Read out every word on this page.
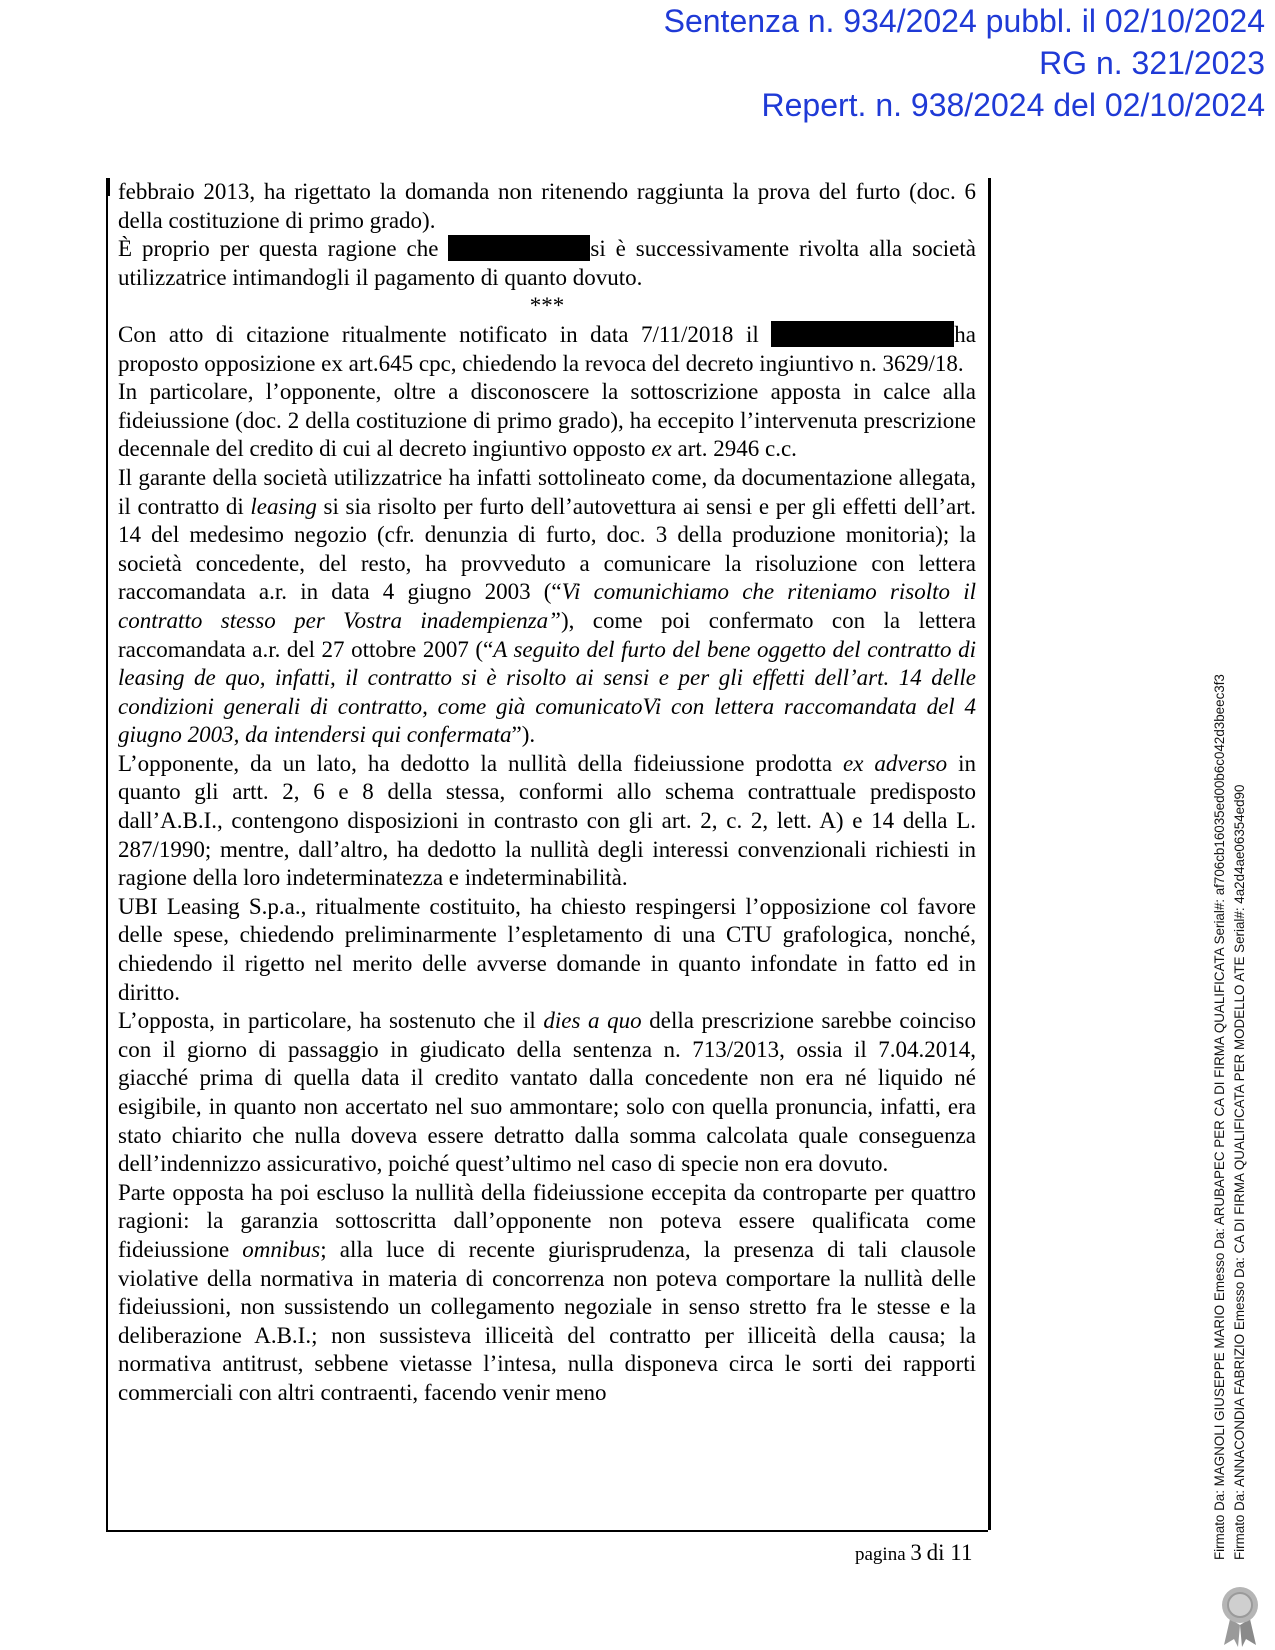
Sentenza n. 934/2024 pubbl. il 02/10/2024
RG n. 321/2023
Repert. n. 938/2024 del 02/10/2024

febbraio 2013, ha rigettato la domanda non ritenendo raggiunta la prova del furto (doc. 6 della costituzione di primo grado).

È proprio per questa ragione che	si è successivamente rivolta alla società utilizzatrice intimandogli il pagamento di quanto dovuto.

***

Con atto di citazione ritualmente notificato in data 7/11/2018 il	ha proposto opposizione ex art.645 cpc, chiedendo la revoca del decreto ingiuntivo n. 3629/18.

In particolare, l’opponente, oltre a disconoscere la sottoscrizione apposta in calce alla fideiussione (doc. 2 della costituzione di primo grado), ha eccepito l’intervenuta prescrizione decennale del credito di cui al decreto ingiuntivo opposto ex art. 2946 c.c.

Il garante della società utilizzatrice ha infatti sottolineato come, da documentazione allegata, il contratto di leasing si sia risolto per furto dell’autovettura ai sensi e per gli effetti dell’art. 14 del medesimo negozio (cfr. denunzia di furto, doc. 3 della produzione monitoria); la società concedente, del resto, ha provveduto a comunicare la risoluzione con lettera raccomandata a.r. in data 4 giugno 2003 (“Vi comunichiamo che riteniamo risolto il contratto stesso per Vostra inadempienza”), come poi confermato con la lettera raccomandata a.r. del 27 ottobre 2007 (“A seguito del furto del bene oggetto del contratto di leasing de quo, infatti, il contratto si è risolto ai sensi e per gli effetti dell’art. 14 delle condizioni generali di contratto, come già comunicatoVi con lettera raccomandata del 4 giugno 2003, da intendersi qui confermata”).

L’opponente, da un lato, ha dedotto la nullità della fideiussione prodotta ex adverso in quanto gli artt. 2, 6 e 8 della stessa, conformi allo schema contrattuale predisposto dall’A.B.I., contengono disposizioni in contrasto con gli art. 2, c. 2, lett. A) e 14 della L. 287/1990; mentre, dall’altro, ha dedotto la nullità degli interessi convenzionali richiesti in ragione della loro indeterminatezza e indeterminabilità.

UBI Leasing S.p.a., ritualmente costituito, ha chiesto respingersi l’opposizione col favore delle spese, chiedendo preliminarmente l’espletamento di una CTU grafologica, nonché, chiedendo il rigetto nel merito delle avverse domande in quanto infondate in fatto ed in diritto.

L’opposta, in particolare, ha sostenuto che il dies a quo della prescrizione sarebbe coinciso con il giorno di passaggio in giudicato della sentenza n. 713/2013, ossia il 7.04.2014, giacché prima di quella data il credito vantato dalla concedente non era né liquido né esigibile, in quanto non accertato nel suo ammontare; solo con quella pronuncia, infatti, era stato chiarito che nulla doveva essere detratto dalla somma calcolata quale conseguenza dell’indennizzo assicurativo, poiché quest’ultimo nel caso di specie non era dovuto.

Parte opposta ha poi escluso la nullità della fideiussione eccepita da controparte per quattro ragioni: la garanzia sottoscritta dall’opponente non poteva essere qualificata come fideiussione omnibus; alla luce di recente giurisprudenza, la presenza di tali clausole violative della normativa in materia di concorrenza non poteva comportare la nullità delle fideiussioni, non sussistendo un collegamento negoziale in senso stretto fra le stesse e la deliberazione A.B.I.; non sussisteva illiceità del contratto per illiceità della causa; la normativa antitrust, sebbene vietasse l’intesa, nulla disponeva circa le sorti dei rapporti commerciali con altri contraenti, facendo venir meno

pagina 3 di 11	Firmato Da: MAGNOLI GIUSEPPE MARIO Emesso Da: ARUBAPEC PER CA DI FIRMA QUALIFICATA Serial#: af706cb16035ed00b6c042d3beec3f3 Firmato Da: ANNACONDIA FABRIZIO Emesso Da: CA DI FIRMA QUALIFICATA PER MODELLO ATE Serial#: 4a2d4ae06354ed90
